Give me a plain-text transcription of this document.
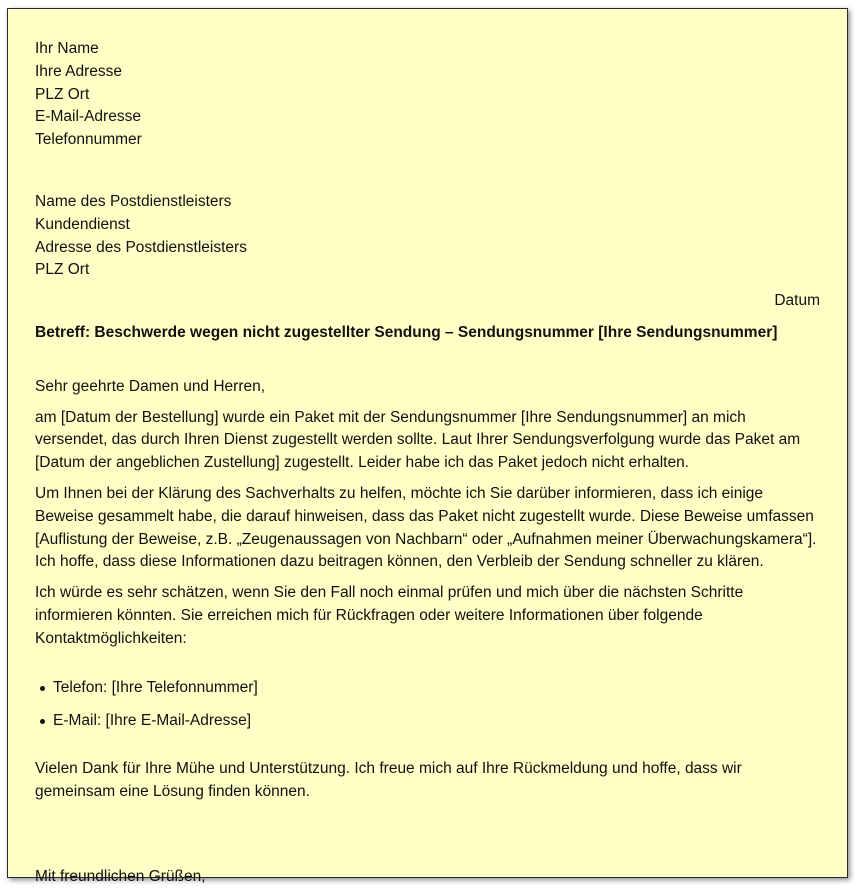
Ihr Name
Ihre Adresse
PLZ Ort
E-Mail-Adresse
Telefonnummer
Name des Postdienstleisters
Kundendienst
Adresse des Postdienstleisters
PLZ Ort
Datum
Betreff: Beschwerde wegen nicht zugestellter Sendung – Sendungsnummer [Ihre Sendungsnummer]
Sehr geehrte Damen und Herren,

am [Datum der Bestellung] wurde ein Paket mit der Sendungsnummer [Ihre Sendungsnummer] an mich versendet, das durch Ihren Dienst zugestellt werden sollte. Laut Ihrer Sendungsverfolgung wurde das Paket am [Datum der angeblichen Zustellung] zugestellt. Leider habe ich das Paket jedoch nicht erhalten.

Um Ihnen bei der Klärung des Sachverhalts zu helfen, möchte ich Sie darüber informieren, dass ich einige Beweise gesammelt habe, die darauf hinweisen, dass das Paket nicht zugestellt wurde. Diese Beweise umfassen [Auflistung der Beweise, z.B. „Zeugenaussagen von Nachbarn“ oder „Aufnahmen meiner Überwachungskamera“]. Ich hoffe, dass diese Informationen dazu beitragen können, den Verbleib der Sendung schneller zu klären.

Ich würde es sehr schätzen, wenn Sie den Fall noch einmal prüfen und mich über die nächsten Schritte informieren könnten. Sie erreichen mich für Rückfragen oder weitere Informationen über folgende Kontaktmöglichkeiten:

Telefon: [Ihre Telefonnummer]
E-Mail: [Ihre E-Mail-Adresse]

Vielen Dank für Ihre Mühe und Unterstützung. Ich freue mich auf Ihre Rückmeldung und hoffe, dass wir gemeinsam eine Lösung finden können.

Mit freundlichen Grüßen,
